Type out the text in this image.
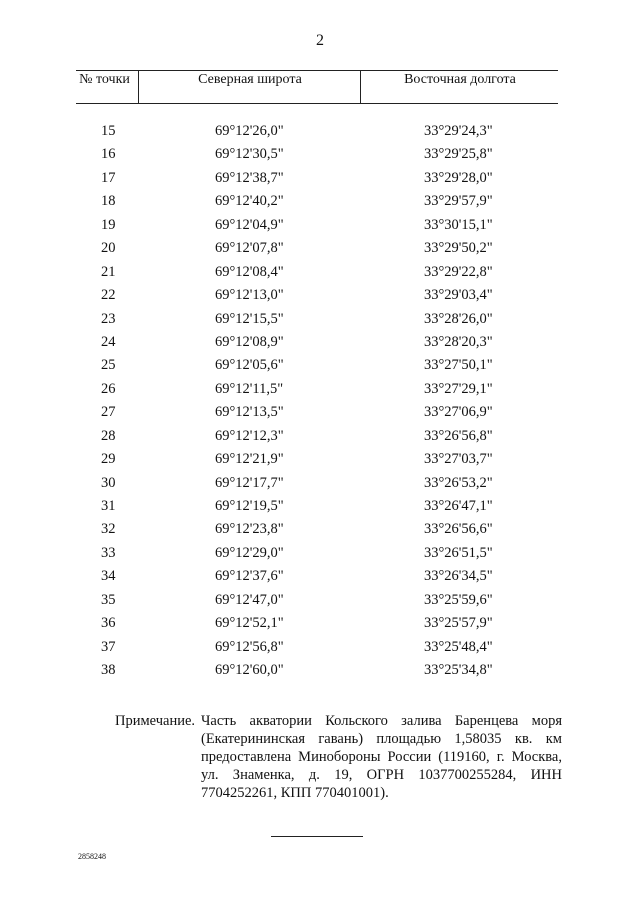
2
№ точки	Северная широта	Восточная долгота
15	69°12'26,0"	33°29'24,3"
16	69°12'30,5"	33°29'25,8"
17	69°12'38,7"	33°29'28,0"
18	69°12'40,2"	33°29'57,9"
19	69°12'04,9"	33°30'15,1"
20	69°12'07,8"	33°29'50,2"
21	69°12'08,4"	33°29'22,8"
22	69°12'13,0"	33°29'03,4"
23	69°12'15,5"	33°28'26,0"
24	69°12'08,9"	33°28'20,3"
25	69°12'05,6"	33°27'50,1"
26	69°12'11,5"	33°27'29,1"
27	69°12'13,5"	33°27'06,9"
28	69°12'12,3"	33°26'56,8"
29	69°12'21,9"	33°27'03,7"
30	69°12'17,7"	33°26'53,2"
31	69°12'19,5"	33°26'47,1"
32	69°12'23,8"	33°26'56,6"
33	69°12'29,0"	33°26'51,5"
34	69°12'37,6"	33°26'34,5"
35	69°12'47,0"	33°25'59,6"
36	69°12'52,1"	33°25'57,9"
37	69°12'56,8"	33°25'48,4"
38	69°12'60,0"	33°25'34,8"
Примечание. Часть акватории Кольского залива Баренцева моря (Екатерининская гавань) площадью 1,58035 кв. км предоставлена Минобороны России (119160, г. Москва, ул. Знаменка, д. 19, ОГРН 1037700255284, ИНН 7704252261, КПП 770401001).
2858248
